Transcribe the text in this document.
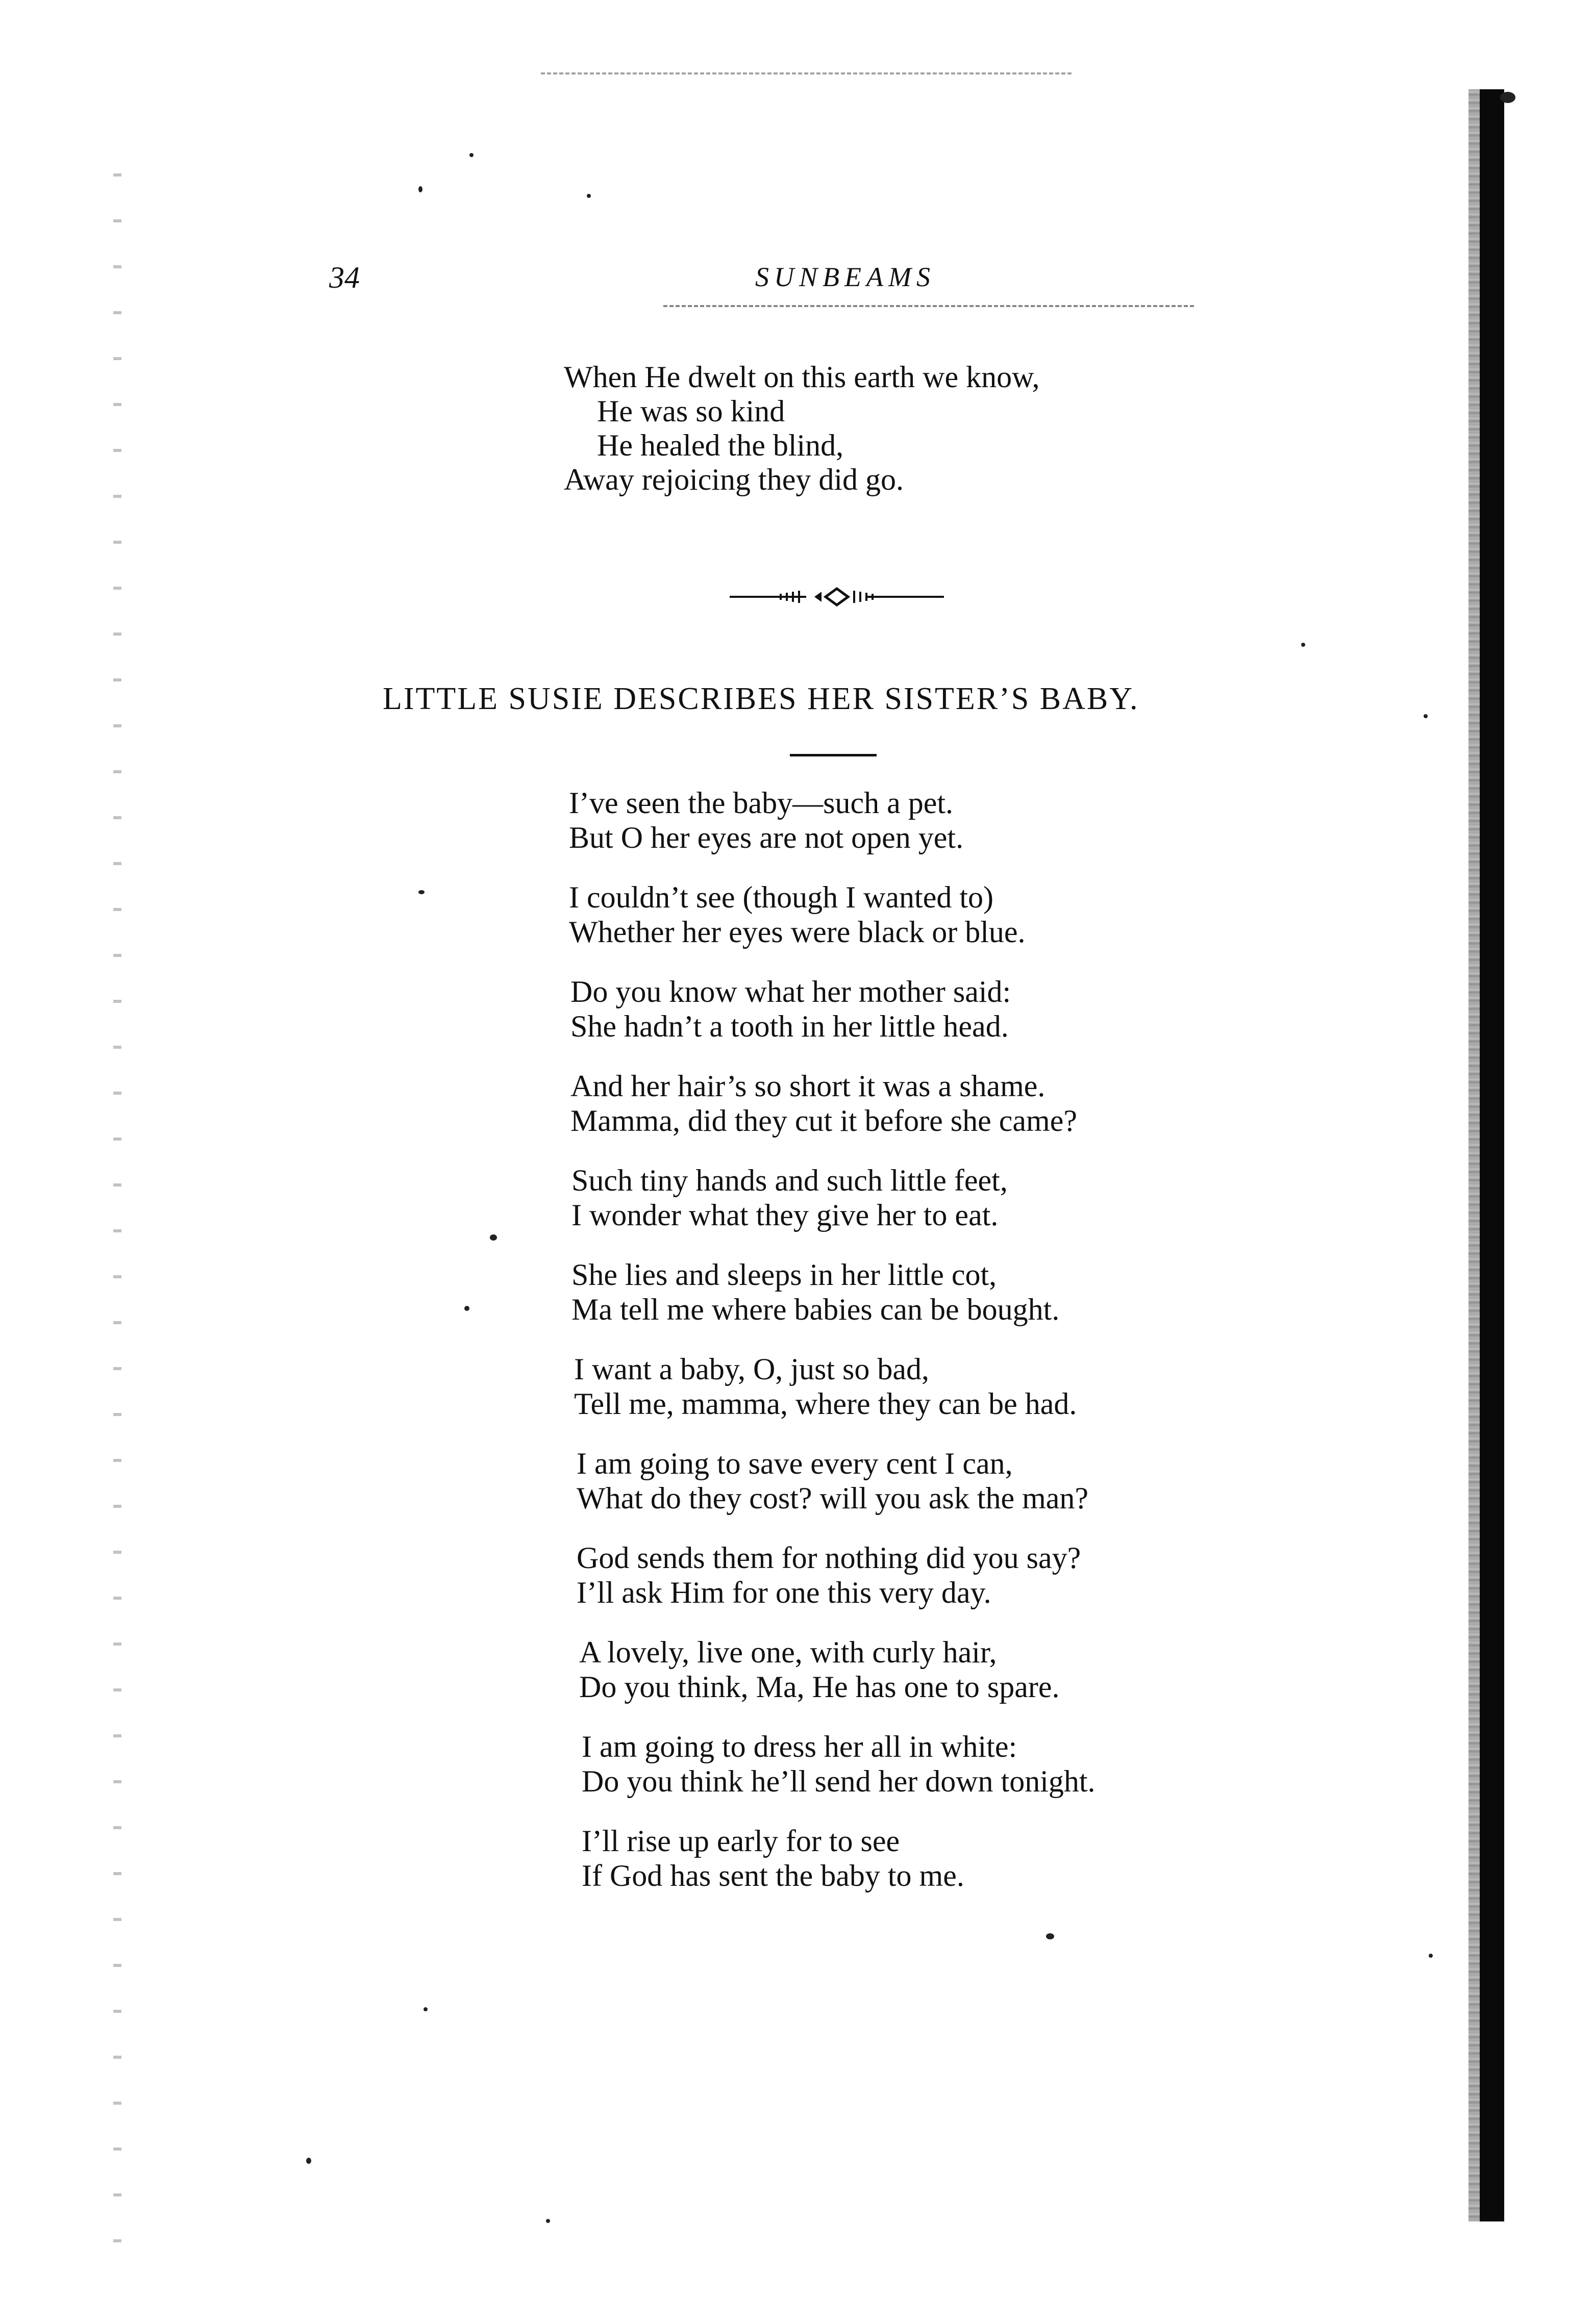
34	SUNBEAMS
When He dwelt on this earth we know,
He was so kind
He healed the blind,
Away rejoicing they did go.
LITTLE SUSIE DESCRIBES HER SISTER’S BABY.
I’ve seen the baby—such a pet.
But O her eyes are not open yet.
I couldn’t see (though I wanted to)
Whether her eyes were black or blue.
Do you know what her mother said:
She hadn’t a tooth in her little head.
And her hair’s so short it was a shame.
Mamma, did they cut it before she came?
Such tiny hands and such little feet,
I wonder what they give her to eat.
She lies and sleeps in her little cot,
Ma tell me where babies can be bought.
I want a baby, O, just so bad,
Tell me, mamma, where they can be had.
I am going to save every cent I can,
What do they cost? will you ask the man?
God sends them for nothing did you say?
I’ll ask Him for one this very day.
A lovely, live one, with curly hair,
Do you think, Ma, He has one to spare.
I am going to dress her all in white:
Do you think he’ll send her down tonight.
I’ll rise up early for to see
If God has sent the baby to me.
